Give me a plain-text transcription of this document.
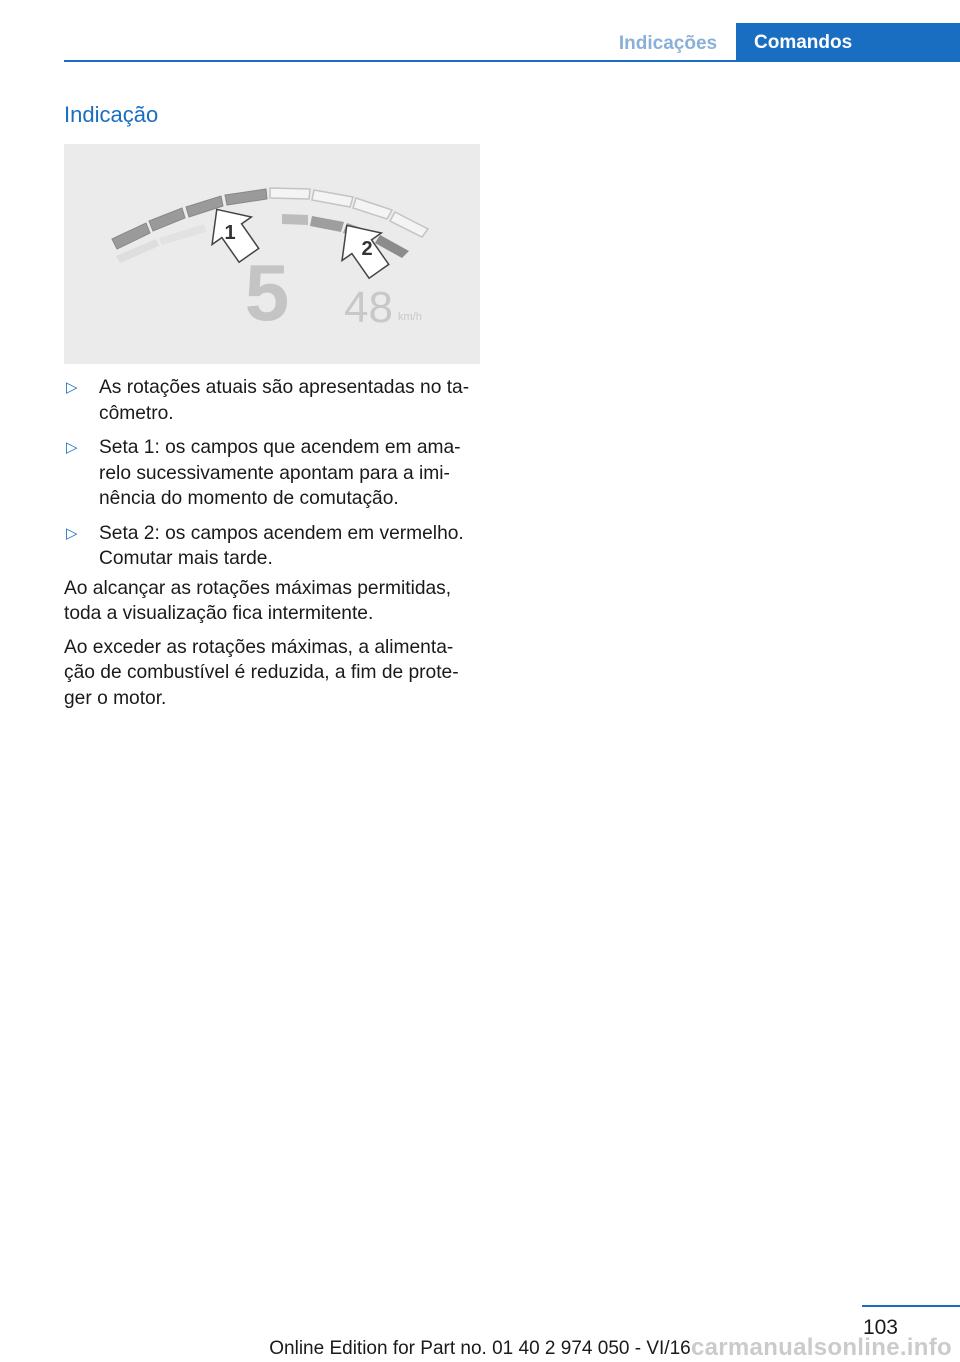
Indicações	Comandos
Indicação
1
2
5 48 km/h
▷ As rotações atuais são apresentadas no ta-
cômetro.
▷ Seta 1: os campos que acendem em ama-
relo sucessivamente apontam para a imi-
nência do momento de comutação.
▷ Seta 2: os campos acendem em vermelho.
Comutar mais tarde.

Ao alcançar as rotações máximas permitidas,
toda a visualização fica intermitente.

Ao exceder as rotações máximas, a alimenta-
ção de combustível é reduzida, a fim de prote-
ger o motor.

103
Online Edition for Part no. 01 40 2 974 050 - VI/16 carmanualsonline.info
